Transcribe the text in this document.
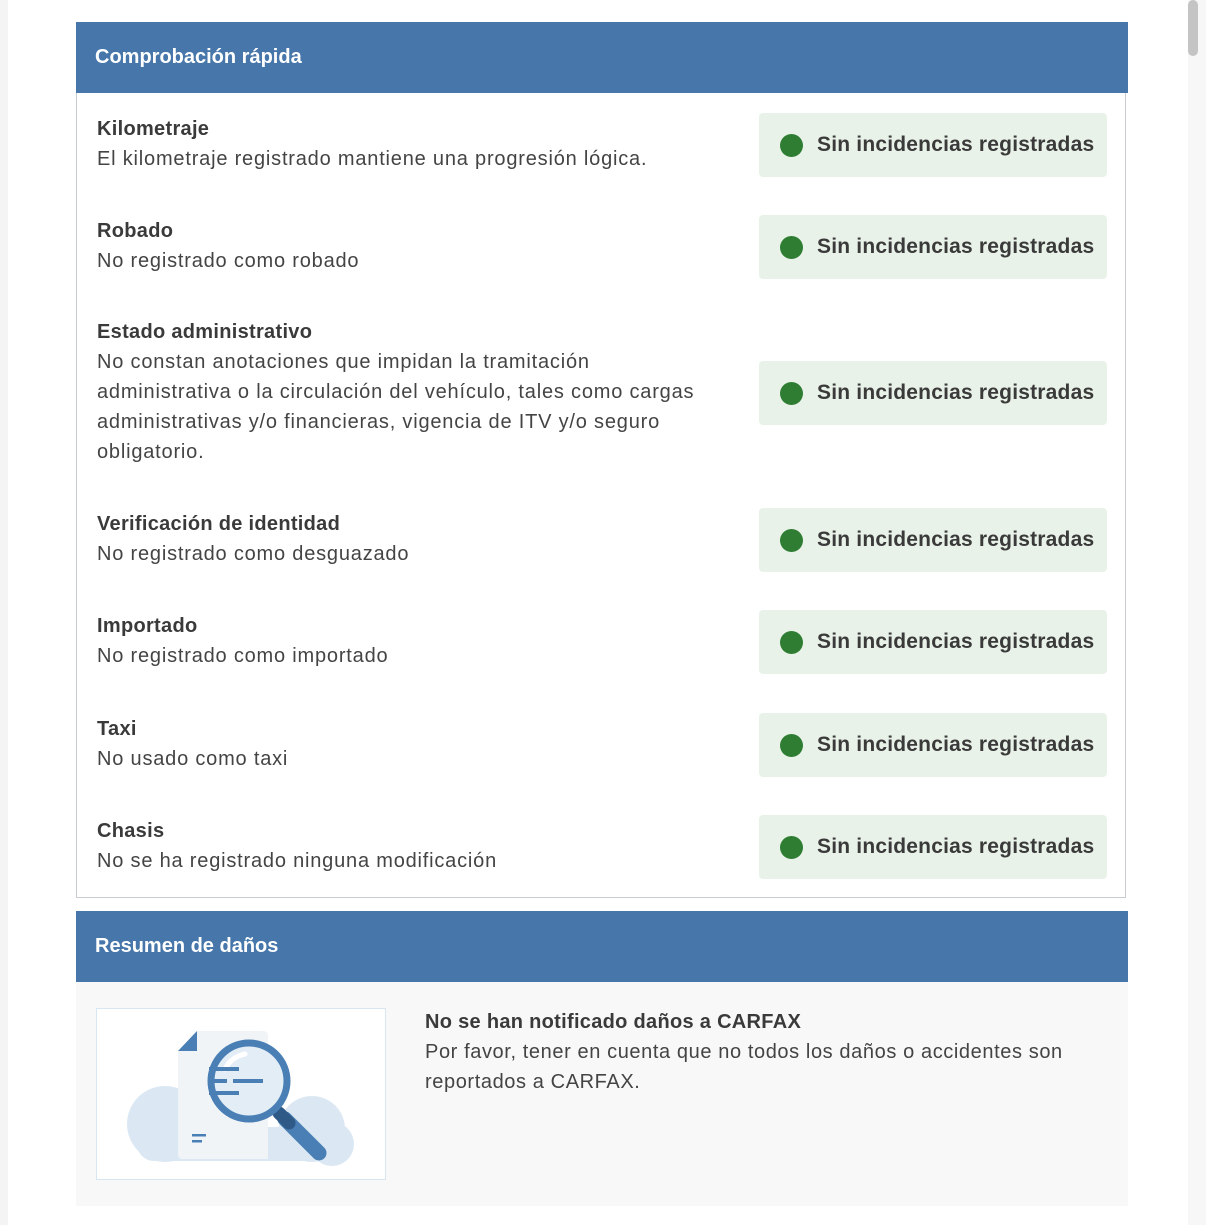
Comprobación rápida
Kilometraje
El kilometraje registrado mantiene una progresión lógica.
Sin incidencias registradas
Robado
No registrado como robado
Sin incidencias registradas
Estado administrativo
No constan anotaciones que impidan la tramitación administrativa o la circulación del vehículo, tales como cargas administrativas y/o financieras, vigencia de ITV y/o seguro obligatorio.
Sin incidencias registradas
Verificación de identidad
No registrado como desguazado
Sin incidencias registradas
Importado
No registrado como importado
Sin incidencias registradas
Taxi
No usado como taxi
Sin incidencias registradas
Chasis
No se ha registrado ninguna modificación
Sin incidencias registradas
Resumen de daños
No se han notificado daños a CARFAX
Por favor, tener en cuenta que no todos los daños o accidentes son reportados a CARFAX.
